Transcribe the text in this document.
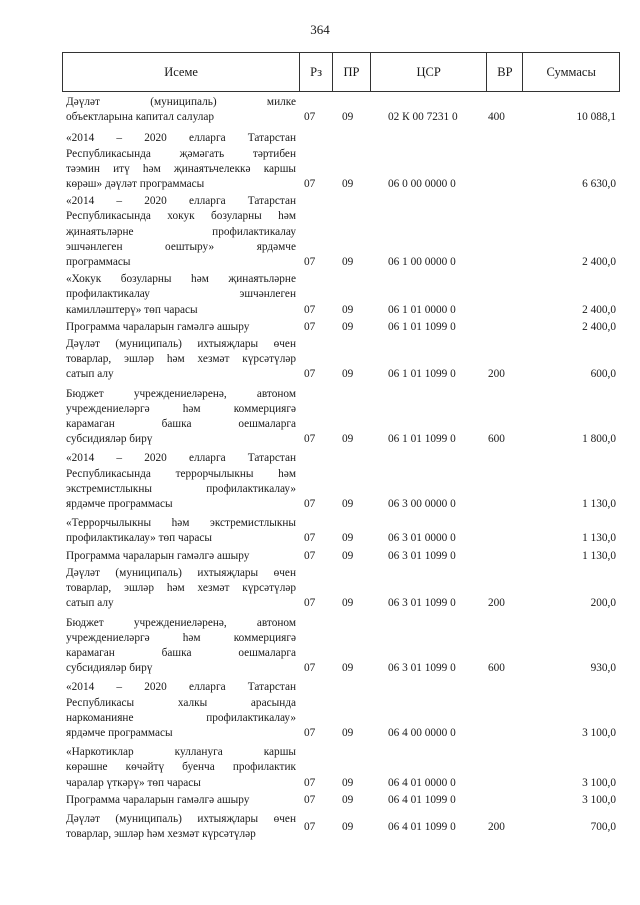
364
Исеме	Рз	ПР	ЦСР	ВР	Суммасы
Дәүләт (муниципаль) милке
объектларына капитал салулар	07	09	02 К 00 7231 0	400	10 088,1
«2014 – 2020 елларга Татарстан
Республикасында җәмәгать тәртибен
тәэмин итү һәм җинаятьчелеккә каршы
көрәш» дәүләт программасы	07	09	06 0 00 0000 0	6 630,0
«2014 – 2020 елларга Татарстан
Республикасында хокук бозуларны һәм
җинаятьләрне профилактикалау
эшчәнлеген оештыру» ярдәмче
программасы	07	09	06 1 00 0000 0	2 400,0
«Хокук бозуларны һәм җинаятьләрне
профилактикалау эшчәнлеген
камилләштерү» төп чарасы	07	09	06 1 01 0000 0	2 400,0
Программа чараларын гамәлгә ашыру	07	09	06 1 01 1099 0	2 400,0
Дәүләт (муниципаль) ихтыяҗлары өчен
товарлар, эшләр һәм хезмәт күрсәтүләр
сатып алу	07	09	06 1 01 1099 0	200	600,0
Бюджет учреждениеләренә, автоном
учреждениеләргә һәм коммерциягә
карамаган башка оешмаларга
субсидияләр бирү	07	09	06 1 01 1099 0	600	1 800,0
«2014 – 2020 елларга Татарстан
Республикасында террорчылыкны һәм
экстремистлыкны профилактикалау»
ярдәмче программасы	07	09	06 3 00 0000 0	1 130,0
«Террорчылыкны һәм экстремистлыкны
профилактикалау» төп чарасы	07	09	06 3 01 0000 0	1 130,0
Программа чараларын гамәлгә ашыру	07	09	06 3 01 1099 0	1 130,0
Дәүләт (муниципаль) ихтыяҗлары өчен
товарлар, эшләр һәм хезмәт күрсәтүләр
сатып алу	07	09	06 3 01 1099 0	200	200,0
Бюджет учреждениеләренә, автоном
учреждениеләргә һәм коммерциягә
карамаган башка оешмаларга
субсидияләр бирү	07	09	06 3 01 1099 0	600	930,0
«2014 – 2020 елларга Татарстан
Республикасы халкы арасында
наркоманияне профилактикалау»
ярдәмче программасы	07	09	06 4 00 0000 0	3 100,0
«Наркотиклар куллануга каршы
көрәшне көчәйтү буенча профилактик
чаралар үткәрү» төп чарасы	07	09	06 4 01 0000 0	3 100,0
Программа чараларын гамәлгә ашыру	07	09	06 4 01 1099 0	3 100,0
Дәүләт (муниципаль) ихтыяҗлары өчен
товарлар, эшләр һәм хезмәт күрсәтүләр
07	09	06 4 01 1099 0	200	700,0
